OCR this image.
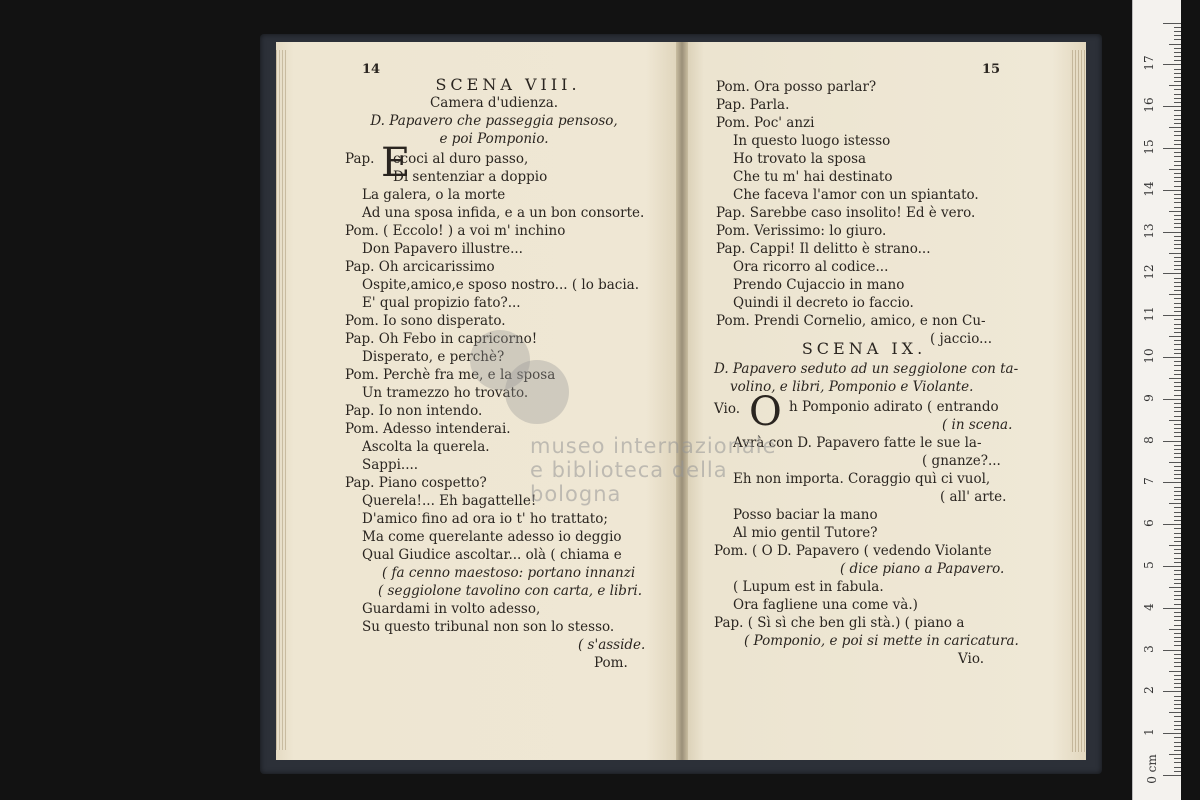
14
SCENA VIII.
Camera d'udienza.
D. Papavero che passeggia pensoso,
e poi Pomponio.
E
Pap. ccoci al duro passo,
Di sentenziar a doppio
La galera, o la morte
Ad una sposa infida, e a un bon consorte.
Pom. ( Eccolo! ) a voi m' inchino
Don Papavero illustre...
Pap. Oh arcicarissimo
Ospite,amico,e sposo nostro... ( lo bacia.
E' qual propizio fato?...
Pom. Io sono disperato.
Pap. Oh Febo in capricorno!
Disperato, e perchè?
Pom. Perchè fra me, e la sposa
Un tramezzo ho trovato.
Pap. Io non intendo.
Pom. Adesso intenderai.
Ascolta la querela.
Sappi....
Pap. Piano cospetto?
Querela!... Eh bagattelle!
D'amico fino ad ora io t' ho trattato;
Ma come querelante adesso io deggio
Qual Giudice ascoltar... olà ( chiama e
( fa cenno maestoso: portano innanzi
( seggiolone tavolino con carta, e libri.
Guardami in volto adesso,
Su questo tribunal non son lo stesso.
( s'asside.
Pom.
15
Pom. Ora posso parlar?
Pap. Parla.
Pom. Poc' anzi
In questo luogo istesso
Ho trovato la sposa
Che tu m' hai destinato
Che faceva l'amor con un spiantato.
Pap. Sarebbe caso insolito! Ed è vero.
Pom. Verissimo: lo giuro.
Pap. Cappi! Il delitto è strano...
Ora ricorro al codice...
Prendo Cujaccio in mano
Quindi il decreto io faccio.
Pom. Prendi Cornelio, amico, e non Cu-
( jaccio...
SCENA IX.
D. Papavero seduto ad un seggiolone con ta-
volino, e libri, Pomponio e Violante.
O
Vio.	h Pomponio adirato ( entrando
( in scena.
Avrà con D. Papavero fatte le sue la-
( gnanze?...
Eh non importa. Coraggio quì ci vuol,
( all' arte.
Posso baciar la mano
Al mio gentil Tutore?
Pom. ( O D. Papavero ( vedendo Violante
( dice piano a Papavero.
( Lupum est in fabula.
Ora fagliene una come và.)
Pap. ( Sì sì che ben gli stà.) ( piano a
( Pomponio, e poi si mette in caricatura.
Vio.
museo internazionale
e biblioteca della
bologna
1
2
3
4
5
6
7
8
9
10
11
12
13
14
15
16
17
0 cm
